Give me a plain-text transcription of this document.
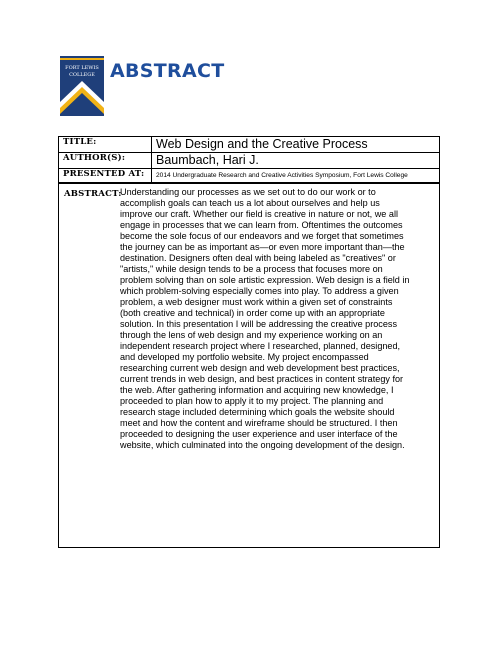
FORT LEWIS
COLLEGE ABSTRACT
TITLE:	Web Design and the Creative Process
AUTHOR(S):	Baumbach, Hari J.
PRESENTED AT:	2014 Undergraduate Research and Creative Activities Symposium, Fort Lewis College
ABSTRACT:
Understanding our processes as we set out to do our work or to
accomplish goals can teach us a lot about ourselves and help us
improve our craft. Whether our field is creative in nature or not, we all
engage in processes that we can learn from. Oftentimes the outcomes
become the sole focus of our endeavors and we forget that sometimes
the journey can be as important as—or even more important than—the
destination. Designers often deal with being labeled as "creatives" or
"artists," while design tends to be a process that focuses more on
problem solving than on sole artistic expression. Web design is a field in
which problem-solving especially comes into play. To address a given
problem, a web designer must work within a given set of constraints
(both creative and technical) in order come up with an appropriate
solution. In this presentation I will be addressing the creative process
through the lens of web design and my experience working on an
independent research project where I researched, planned, designed,
and developed my portfolio website. My project encompassed
researching current web design and web development best practices,
current trends in web design, and best practices in content strategy for
the web. After gathering information and acquiring new knowledge, I
proceeded to plan how to apply it to my project. The planning and
research stage included determining which goals the website should
meet and how the content and wireframe should be structured. I then
proceeded to designing the user experience and user interface of the
website, which culminated into the ongoing development of the design.
